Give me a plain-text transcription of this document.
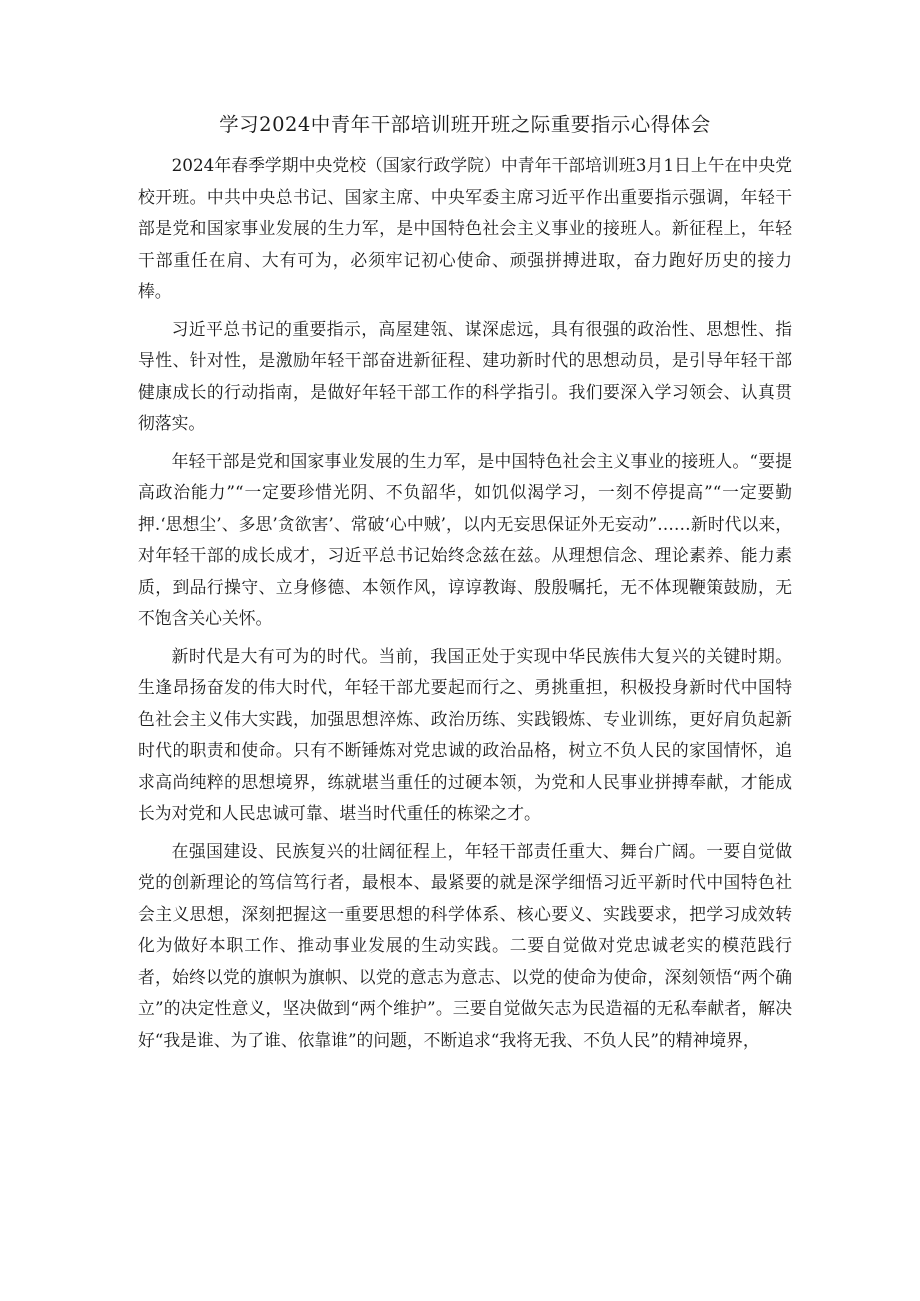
学习2024中青年干部培训班开班之际重要指示心得体会

2024年春季学期中央党校（国家行政学院）中青年干部培训班3月1日上午在中央党校开班。中共中央总书记、国家主席、中央军委主席习近平作出重要指示强调，年轻干部是党和国家事业发展的生力军，是中国特色社会主义事业的接班人。新征程上，年轻干部重任在肩、大有可为，必须牢记初心使命、顽强拼搏进取，奋力跑好历史的接力棒。

习近平总书记的重要指示，高屋建瓴、谋深虑远，具有很强的政治性、思想性、指导性、针对性，是激励年轻干部奋进新征程、建功新时代的思想动员，是引导年轻干部健康成长的行动指南，是做好年轻干部工作的科学指引。我们要深入学习领会、认真贯彻落实。

年轻干部是党和国家事业发展的生力军，是中国特色社会主义事业的接班人。“要提高政治能力”“一定要珍惜光阴、不负韶华，如饥似渴学习，一刻不停提高”“一定要勤押.‘思想尘’、多思’贪欲害’、常破‘心中贼’，以内无妄思保证外无妄动”……新时代以来，对年轻干部的成长成才，习近平总书记始终念兹在兹。从理想信念、理论素养、能力素质，到品行操守、立身修德、本领作风，谆谆教诲、殷殷嘱托，无不体现鞭策鼓励，无不饱含关心关怀。

新时代是大有可为的时代。当前，我国正处于实现中华民族伟大复兴的关键时期。生逢昂扬奋发的伟大时代，年轻干部尤要起而行之、勇挑重担，积极投身新时代中国特色社会主义伟大实践，加强思想淬炼、政治历练、实践锻炼、专业训练，更好肩负起新时代的职责和使命。只有不断锤炼对党忠诚的政治品格，树立不负人民的家国情怀，追求高尚纯粹的思想境界，练就堪当重任的过硬本领，为党和人民事业拼搏奉献，才能成长为对党和人民忠诚可靠、堪当时代重任的栋梁之才。

在强国建设、民族复兴的壮阔征程上，年轻干部责任重大、舞台广阔。一要自觉做党的创新理论的笃信笃行者，最根本、最紧要的就是深学细悟习近平新时代中国特色社会主义思想，深刻把握这一重要思想的科学体系、核心要义、实践要求，把学习成效转化为做好本职工作、推动事业发展的生动实践。二要自觉做对党忠诚老实的模范践行者，始终以党的旗帜为旗帜、以党的意志为意志、以党的使命为使命，深刻领悟“两个确立”的决定性意义，坚决做到“两个维护”。三要自觉做矢志为民造福的无私奉献者，解决好“我是谁、为了谁、依靠谁”的问题，不断追求“我将无我、不负人民”的精神境界，
